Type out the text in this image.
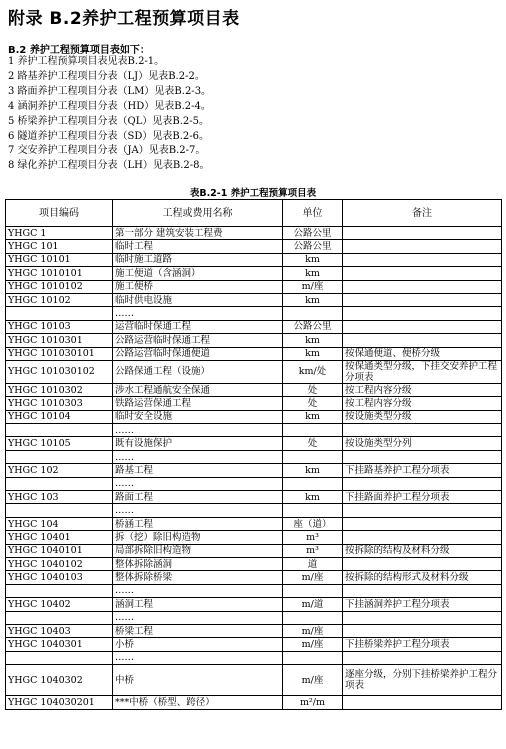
附录 B.2养护工程预算项目表
B.2 养护工程预算项目表如下：
1 养护工程预算项目表见表B.2-1。
2 路基养护工程项目分表（LJ）见表B.2-2。
3 路面养护工程项目分表（LM）见表B.2-3。
4 涵洞养护工程项目分表（HD）见表B.2-4。
5 桥梁养护工程项目分表（QL）见表B.2-5。
6 隧道养护工程项目分表（SD）见表B.2-6。
7 交安养护工程项目分表（JA）见表B.2-7。
8 绿化养护工程项目分表（LH）见表B.2-8。
表B.2-1 养护工程预算项目表
项目编码	工程或费用名称	单位	备注
YHGC 1	第一部分 建筑安装工程费	公路公里	
YHGC 101	临时工程	公路公里	
YHGC 10101	临时施工道路	km	
YHGC 1010101	施工便道（含涵洞）	km	
YHGC 1010102	施工便桥	m/座	
YHGC 10102	临时供电设施	km	
	……		
YHGC 10103	运营临时保通工程	公路公里	
YHGC 1010301	公路运营临时保通工程	km	
YHGC 101030101	公路运营临时保通便道	km	按保通便道、便桥分级
YHGC 101030102	公路保通工程（设施）	km/处	按保通类型分级，下挂交安养护工程分项表
YHGC 1010302	涉水工程通航安全保通	处	按工程内容分级
YHGC 1010303	铁路运营保通工程	处	按工程内容分级
YHGC 10104	临时安全设施	km	按设施类型分级
	……		
YHGC 10105	既有设施保护	处	按设施类型分列
	……		
YHGC 102	路基工程	km	下挂路基养护工程分项表
	……		
YHGC 103	路面工程	km	下挂路面养护工程分项表
	……		
YHGC 104	桥涵工程	座（道）	
YHGC 10401	拆（挖）除旧构造物	m³	
YHGC 1040101	局部拆除旧构造物	m³	按拆除的结构及材料分级
YHGC 1040102	整体拆除涵洞	道	
YHGC 1040103	整体拆除桥梁	m/座	按拆除的结构形式及材料分级
	……		
YHGC 10402	涵洞工程	m/道	下挂涵洞养护工程分项表
	……		
YHGC 10403	桥梁工程	m/座	
YHGC 1040301	小桥	m/座	下挂桥梁养护工程分项表
	……		
YHGC 1040302	中桥	m/座	逐座分级，分别下挂桥梁养护工程分项表
YHGC 104030201	***中桥（桥型、跨径）	m²/m	
